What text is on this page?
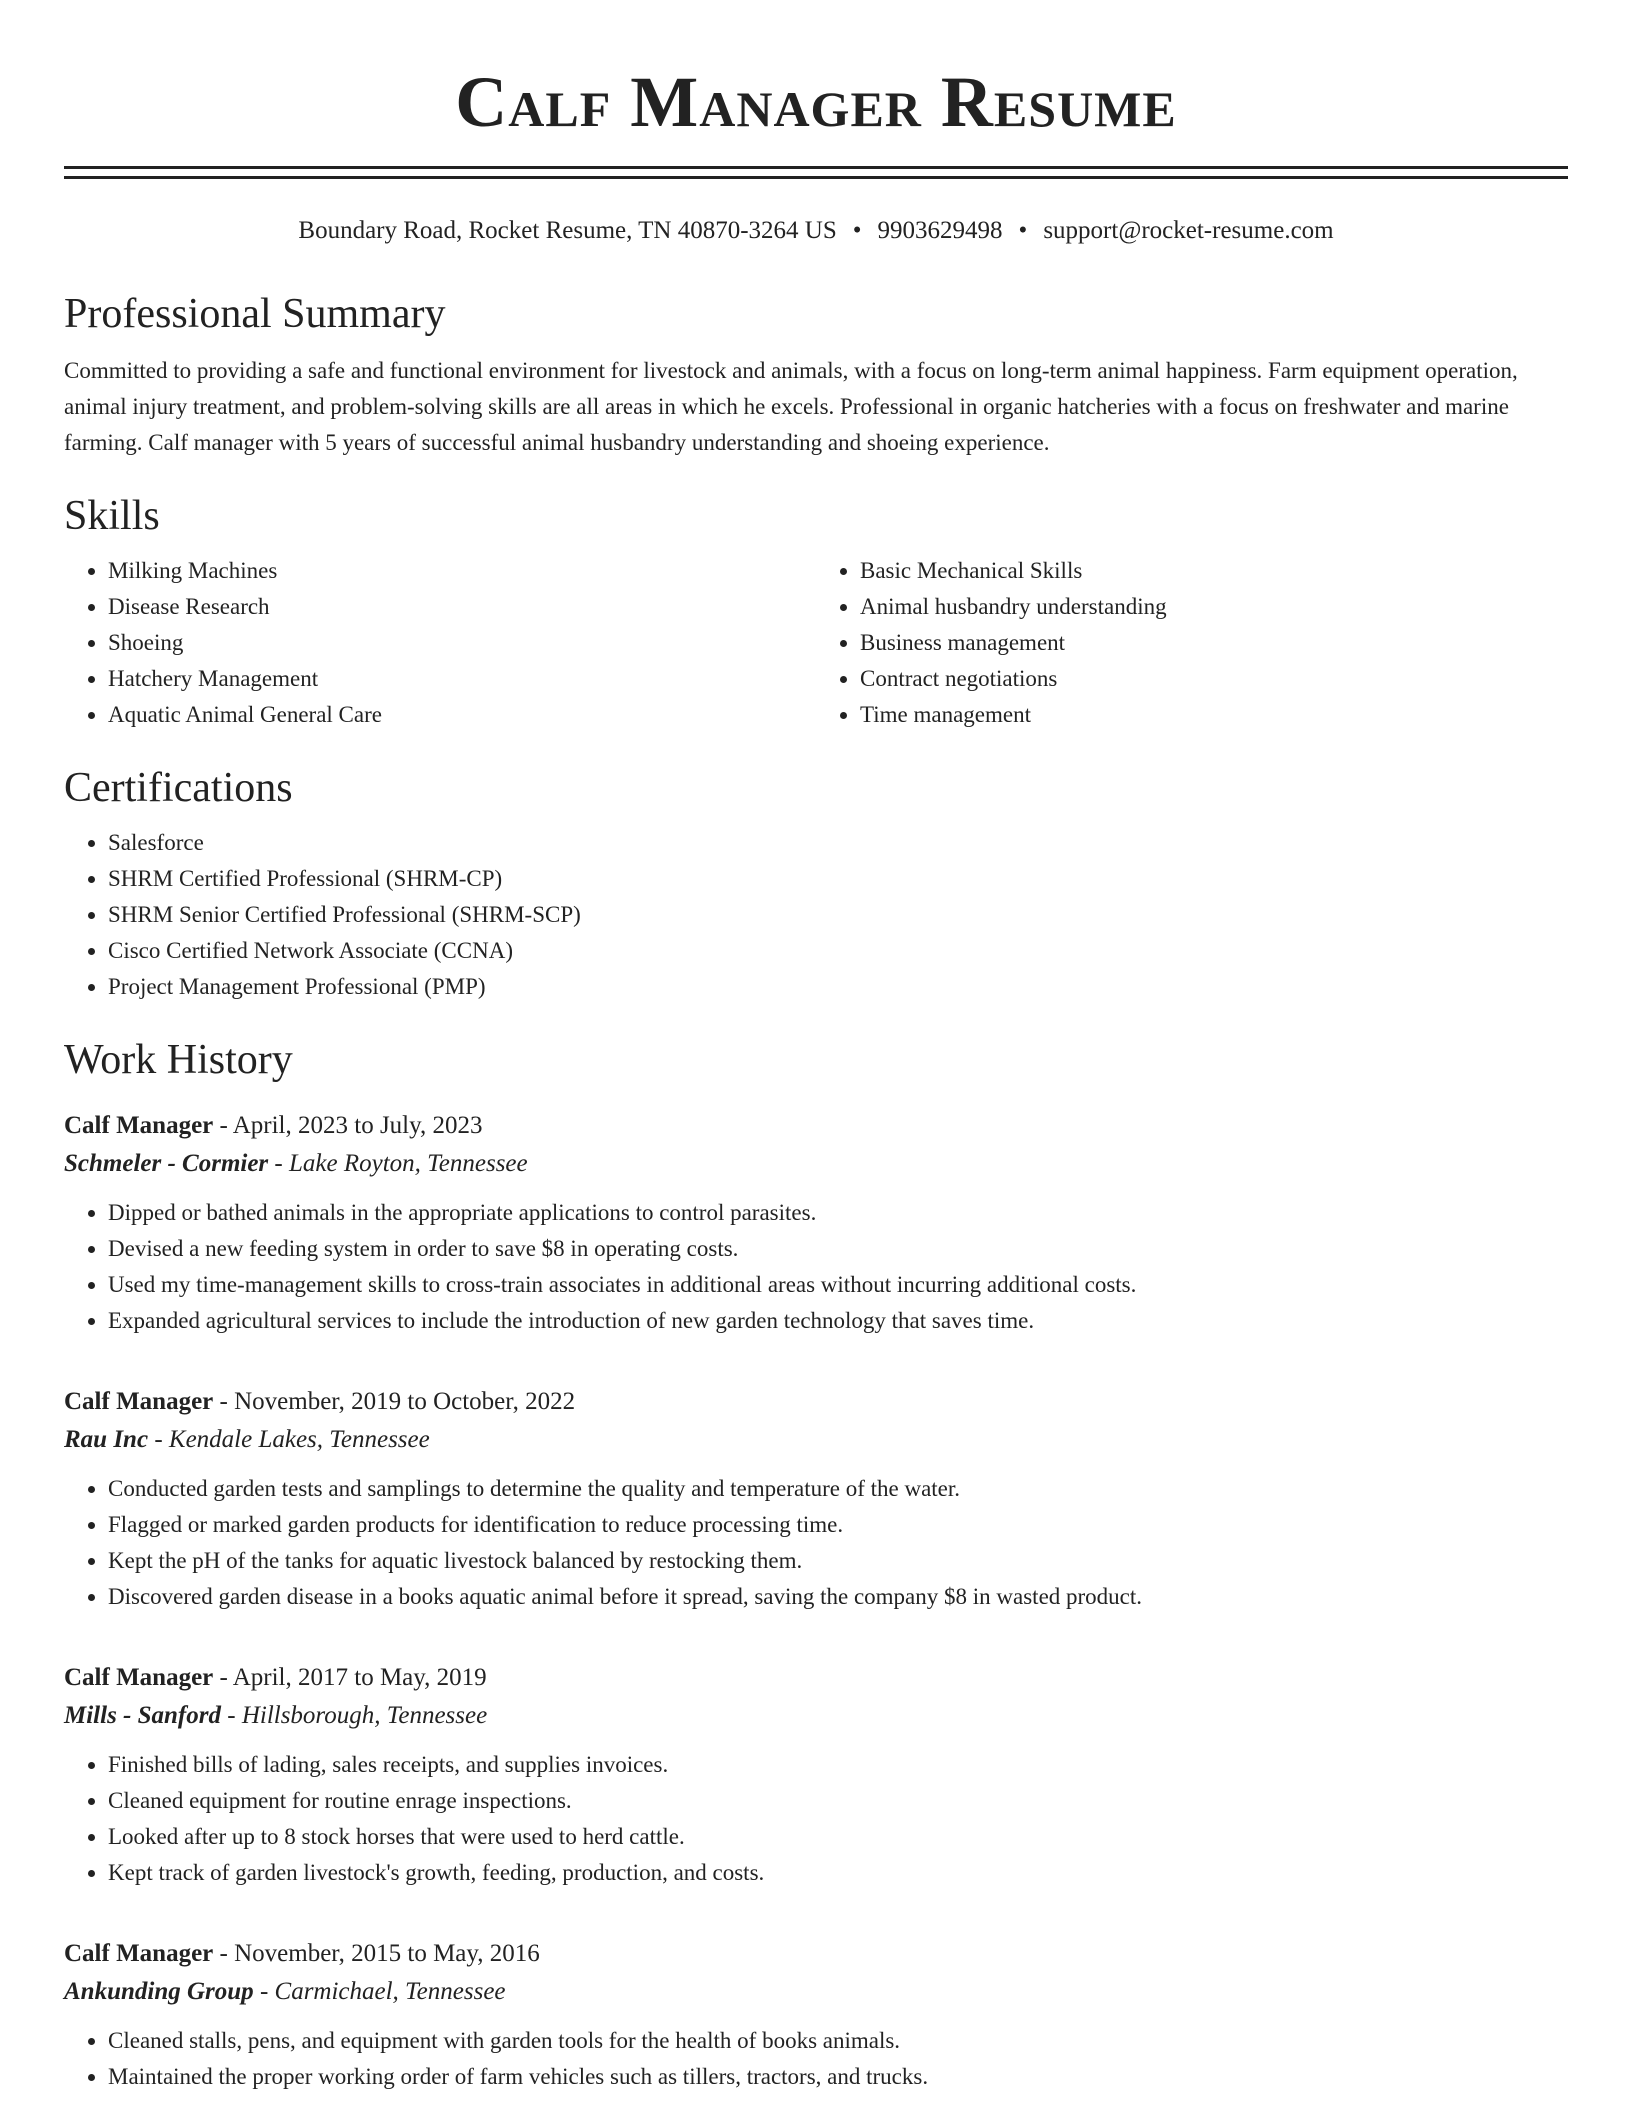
Calf Manager Resume
Boundary Road, Rocket Resume, TN 40870-3264 US • 9903629498 • support@rocket-resume.com
Professional Summary

Committed to providing a safe and functional environment for livestock and animals, with a focus on long-term animal happiness. Farm equipment operation, animal injury treatment, and problem-solving skills are all areas in which he excels. Professional in organic hatcheries with a focus on freshwater and marine farming. Calf manager with 5 years of successful animal husbandry understanding and shoeing experience.

Skills
• Milking Machines
• Disease Research
• Shoeing
• Hatchery Management
• Aquatic Animal General Care
• Basic Mechanical Skills
• Animal husbandry understanding
• Business management
• Contract negotiations
• Time management
Certifications
• Salesforce
• SHRM Certified Professional (SHRM-CP)
• SHRM Senior Certified Professional (SHRM-SCP)
• Cisco Certified Network Associate (CCNA)
• Project Management Professional (PMP)
Work History
Calf Manager - April, 2023 to July, 2023
Schmeler - Cormier - Lake Royton, Tennessee
• Dipped or bathed animals in the appropriate applications to control parasites.
• Devised a new feeding system in order to save $8 in operating costs.
• Used my time-management skills to cross-train associates in additional areas without incurring additional costs.
• Expanded agricultural services to include the introduction of new garden technology that saves time.
Calf Manager - November, 2019 to October, 2022
Rau Inc - Kendale Lakes, Tennessee
• Conducted garden tests and samplings to determine the quality and temperature of the water.
• Flagged or marked garden products for identification to reduce processing time.
• Kept the pH of the tanks for aquatic livestock balanced by restocking them.
• Discovered garden disease in a books aquatic animal before it spread, saving the company $8 in wasted product.
Calf Manager - April, 2017 to May, 2019
Mills - Sanford - Hillsborough, Tennessee
• Finished bills of lading, sales receipts, and supplies invoices.
• Cleaned equipment for routine enrage inspections.
• Looked after up to 8 stock horses that were used to herd cattle.
• Kept track of garden livestock's growth, feeding, production, and costs.
Calf Manager - November, 2015 to May, 2016
Ankunding Group - Carmichael, Tennessee
• Cleaned stalls, pens, and equipment with garden tools for the health of books animals.
• Maintained the proper working order of farm vehicles such as tillers, tractors, and trucks.
